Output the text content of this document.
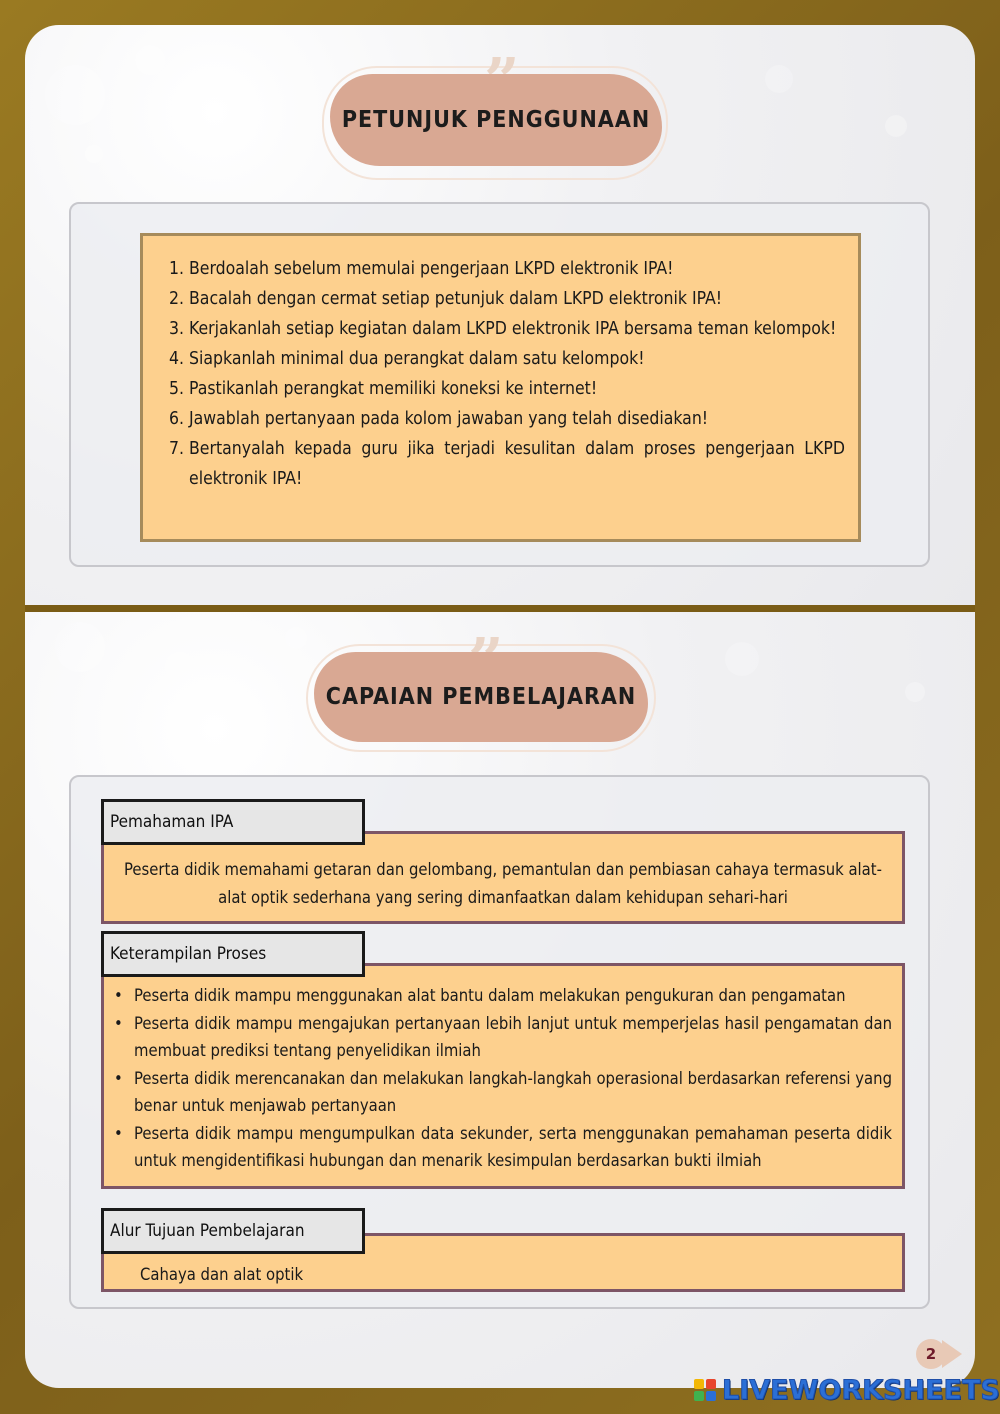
PETUNJUK PENGGUNAAN
1. Berdoalah sebelum memulai pengerjaan LKPD elektronik IPA!
2. Bacalah dengan cermat setiap petunjuk dalam LKPD elektronik IPA!
3. Kerjakanlah setiap kegiatan dalam LKPD elektronik IPA bersama teman kelompok!
4. Siapkanlah minimal dua perangkat dalam satu kelompok!
5. Pastikanlah perangkat memiliki koneksi ke internet!
6. Jawablah pertanyaan pada kolom jawaban yang telah disediakan!
7. Bertanyalah kepada guru jika terjadi kesulitan dalam proses pengerjaan LKPD elektronik IPA!
CAPAIAN PEMBELAJARAN
Peserta didik memahami getaran dan gelombang, pemantulan dan pembiasan cahaya termasuk alat-alat optik sederhana yang sering dimanfaatkan dalam kehidupan sehari-hari
Pemahaman IPA
• Peserta didik mampu menggunakan alat bantu dalam melakukan pengukuran dan pengamatan
• Peserta didik mampu mengajukan pertanyaan lebih lanjut untuk memperjelas hasil pengamatan dan membuat prediksi tentang penyelidikan ilmiah
• Peserta didik merencanakan dan melakukan langkah-langkah operasional berdasarkan referensi yang benar untuk menjawab pertanyaan
• Peserta didik mampu mengumpulkan data sekunder, serta menggunakan pemahaman peserta didik untuk mengidentifikasi hubungan dan menarik kesimpulan berdasarkan bukti ilmiah
Keterampilan Proses
Cahaya dan alat optik
Alur Tujuan Pembelajaran
2
LIVEWORKSHEETS
